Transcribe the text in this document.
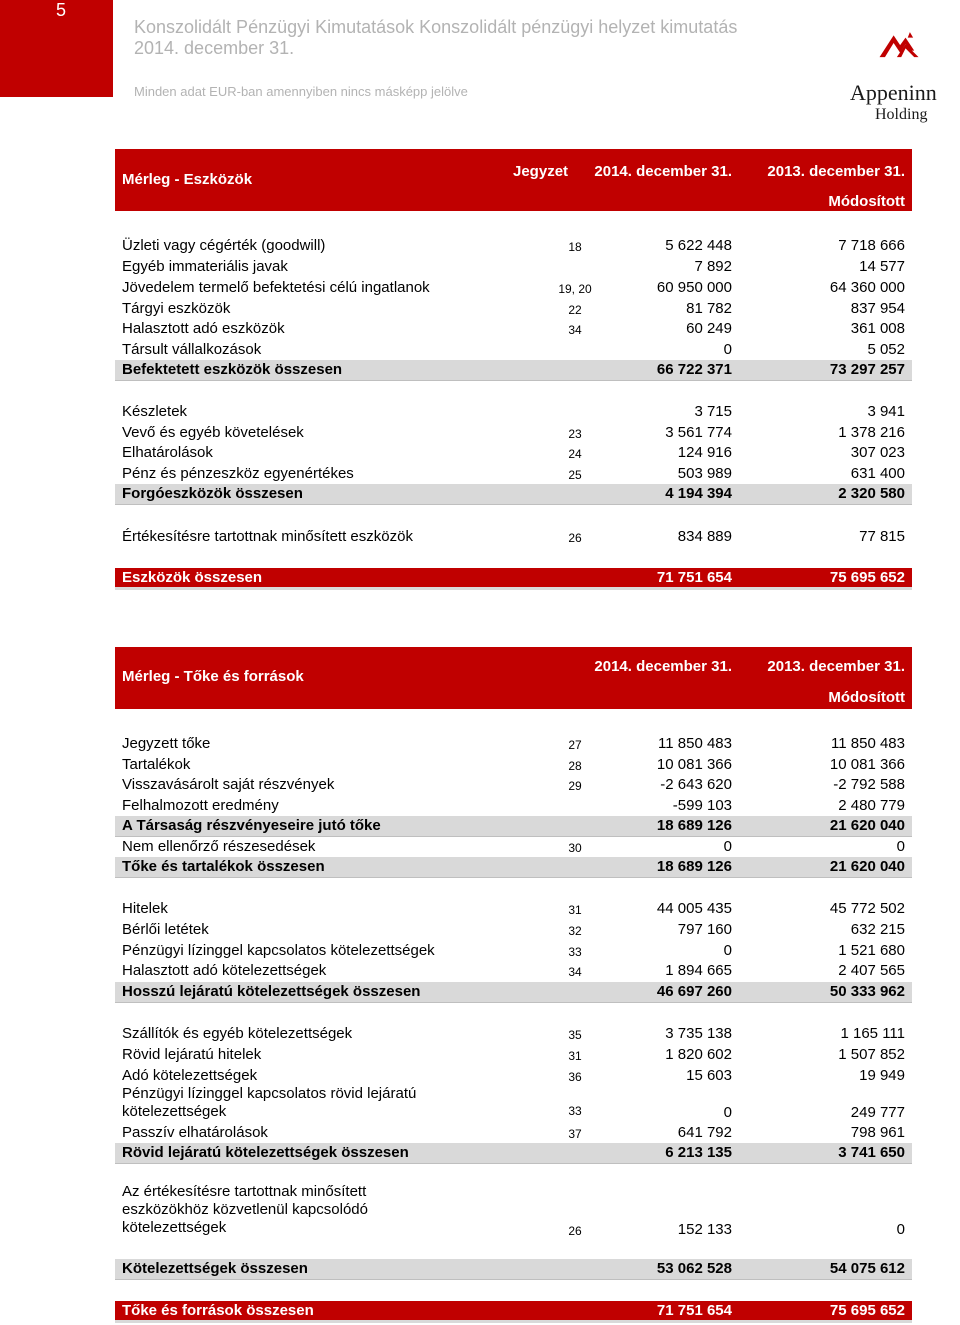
5
Konszolidált Pénzügyi Kimutatások Konszolidált pénzügyi helyzet kimutatás
2014. december 31.
Minden adat EUR-ban amennyiben nincs másképp jelölve	Appeninn
Holding
Mérleg - Eszközök	Jegyzet 2014. december 31. 2013. december 31.
Módosított
Üzleti vagy cégérték (goodwill)	18	5 622 448	7 718 666
Egyéb immateriális javak	7 892	14 577
Jövedelem termelő befektetési célú ingatlanok	19, 20	60 950 000	64 360 000
Tárgyi eszközök	22	81 782	837 954
Halasztott adó eszközök	34	60 249	361 008
Társult vállalkozások	0	5 052
Befektetett eszközök összesen	66 722 371	73 297 257
Készletek	3 715	3 941
Vevő és egyéb követelések	23	3 561 774	1 378 216
Elhatárolások	24	124 916	307 023
Pénz és pénzeszköz egyenértékes	25	503 989	631 400
Forgóeszközök összesen	4 194 394	2 320 580
Értékesítésre tartottnak minősített eszközök	26	834 889	77 815
Eszközök összesen	71 751 654	75 695 652
Mérleg - Tőke és források
2014. december 31. 2013. december 31.
Módosított
Jegyzett tőke	27	11 850 483	11 850 483
Tartalékok	28	10 081 366	10 081 366
Visszavásárolt saját részvények	29	-2 643 620	-2 792 588
Felhalmozott eredmény	-599 103	2 480 779
A Társaság részvényeseire jutó tőke	18 689 126	21 620 040
Nem ellenőrző részesedések	30	0	0
Tőke és tartalékok összesen	18 689 126	21 620 040
Hitelek	31	44 005 435	45 772 502
Bérlői letétek	32	797 160	632 215
Pénzügyi lízinggel kapcsolatos kötelezettségek	33	0	1 521 680
Halasztott adó kötelezettségek	34	1 894 665	2 407 565
Hosszú lejáratú kötelezettségek összesen	46 697 260	50 333 962
Szállítók és egyéb kötelezettségek	35	3 735 138	1 165 111
Rövid lejáratú hitelek	31	1 820 602	1 507 852
Adó kötelezettségek	36	15 603	19 949
Pénzügyi lízinggel kapcsolatos rövid lejáratú
kötelezettségek	33	0	249 777
Passzív elhatárolások	37	641 792	798 961
Rövid lejáratú kötelezettségek összesen	6 213 135	3 741 650
Az értékesítésre tartottnak minősített
eszközökhöz közvetlenül kapcsolódó
kötelezettségek	26	152 133	0
Kötelezettségek összesen	53 062 528	54 075 612
Tőke és források összesen	71 751 654	75 695 652
